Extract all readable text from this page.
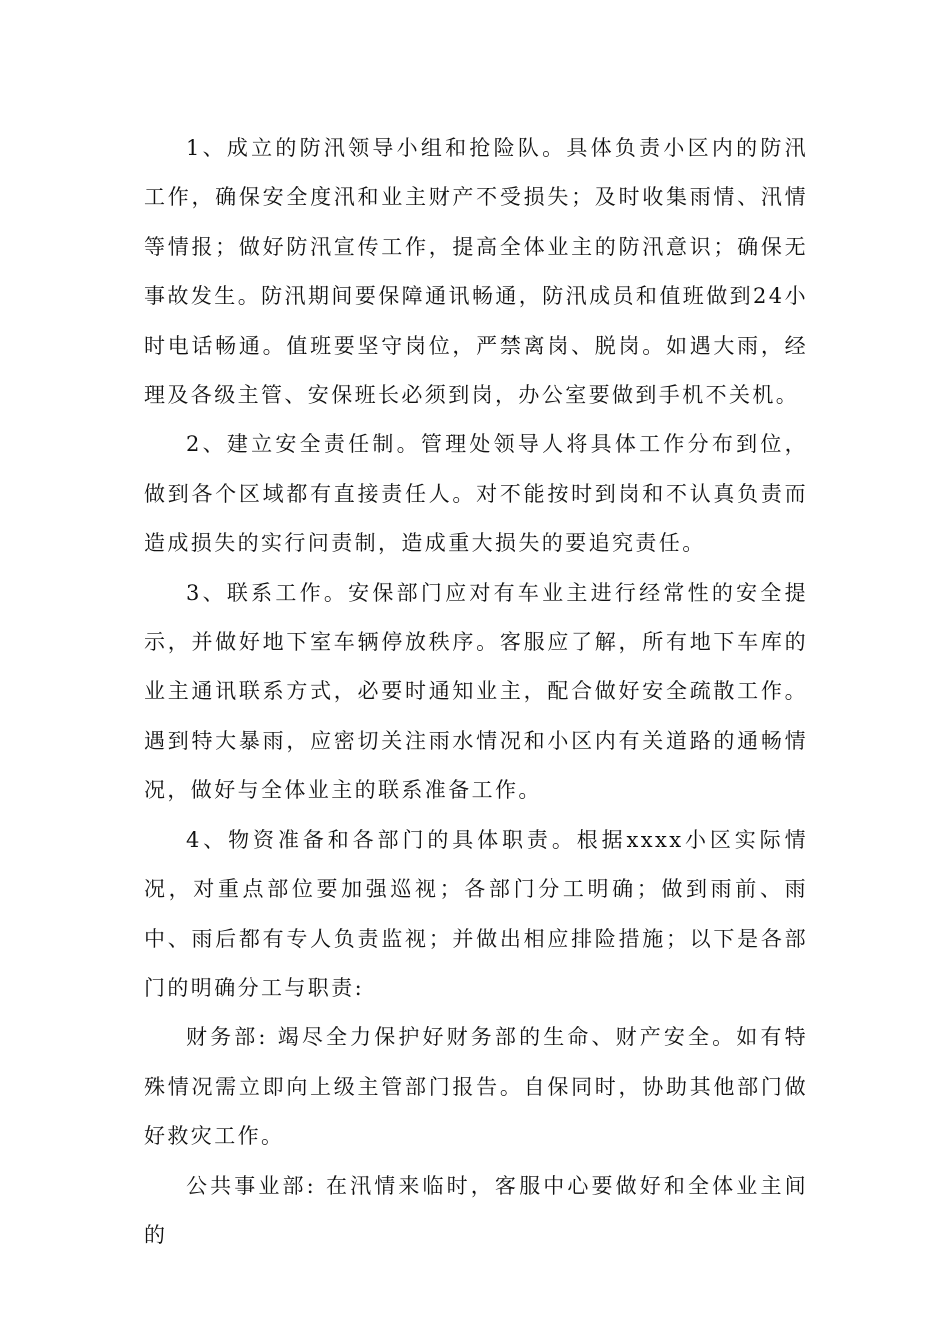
1、成立的防汛领导小组和抢险队。具体负责小区内的防汛工作，确保安全度汛和业主财产不受损失；及时收集雨情、汛情等情报；做好防汛宣传工作，提高全体业主的防汛意识；确保无事故发生。防汛期间要保障通讯畅通，防汛成员和值班做到24小时电话畅通。值班要坚守岗位，严禁离岗、脱岗。如遇大雨，经理及各级主管、安保班长必须到岗，办公室要做到手机不关机。

2、建立安全责任制。管理处领导人将具体工作分布到位，做到各个区域都有直接责任人。对不能按时到岗和不认真负责而造成损失的实行问责制，造成重大损失的要追究责任。

3、联系工作。安保部门应对有车业主进行经常性的安全提示，并做好地下室车辆停放秩序。客服应了解，所有地下车库的业主通讯联系方式，必要时通知业主，配合做好安全疏散工作。遇到特大暴雨，应密切关注雨水情况和小区内有关道路的通畅情况，做好与全体业主的联系准备工作。

4、物资准备和各部门的具体职责。根据xxxx小区实际情况，对重点部位要加强巡视；各部门分工明确；做到雨前、雨中、雨后都有专人负责监视；并做出相应排险措施；以下是各部门的明确分工与职责:

财务部: 竭尽全力保护好财务部的生命、财产安全。如有特殊情况需立即向上级主管部门报告。自保同时，协助其他部门做好救灾工作。

公共事业部: 在汛情来临时，客服中心要做好和全体业主间的
